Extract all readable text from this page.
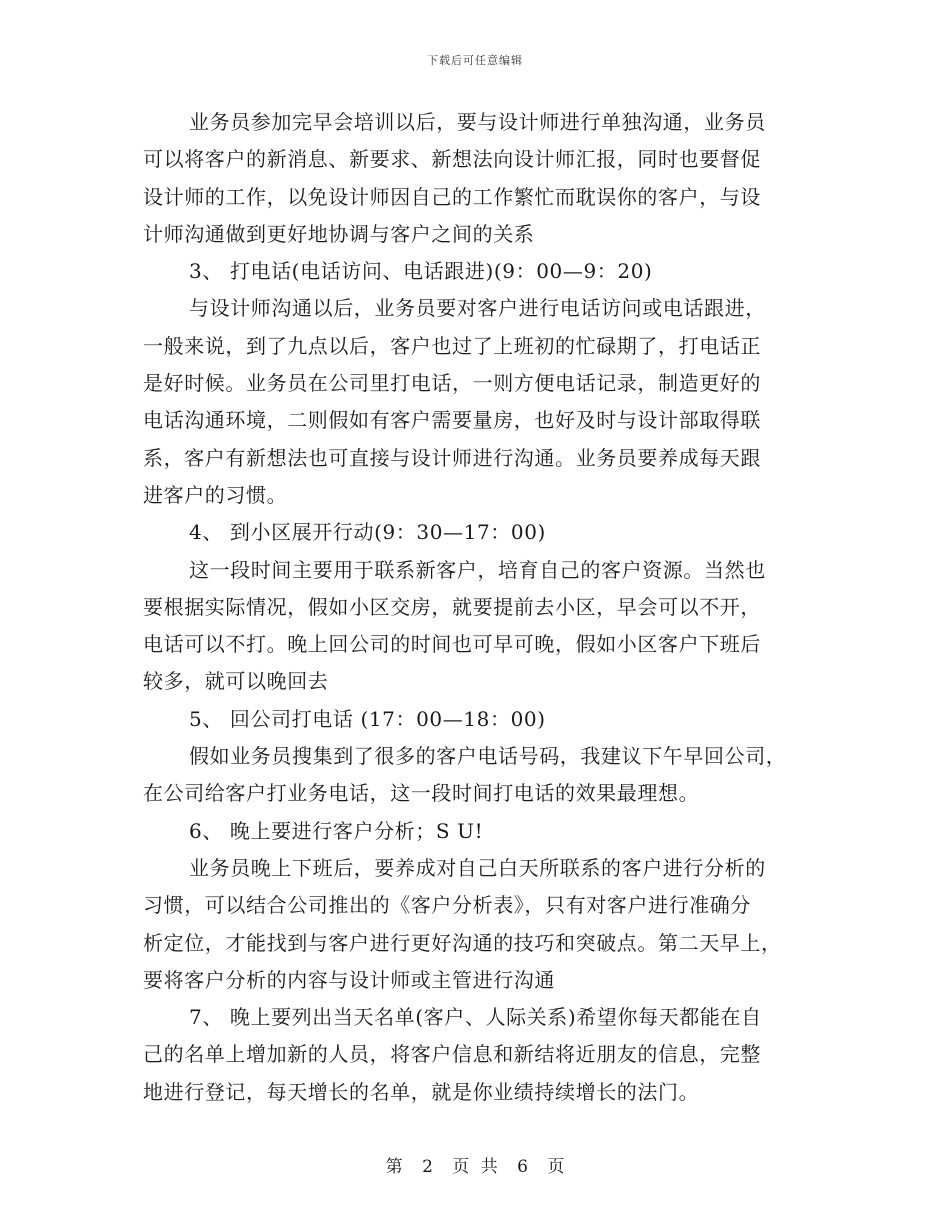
下载后可任意编辑
业务员参加完早会培训以后，要与设计师进行单独沟通，业务员
可以将客户的新消息、新要求、新想法向设计师汇报，同时也要督促
设计师的工作，以免设计师因自己的工作繁忙而耽误你的客户，与设
计师沟通做到更好地协调与客户之间的关系
3、 打电话(电话访问、电话跟进)(9：00—9：20)
与设计师沟通以后，业务员要对客户进行电话访问或电话跟进，
一般来说，到了九点以后，客户也过了上班初的忙碌期了，打电话正
是好时候。业务员在公司里打电话，一则方便电话记录，制造更好的
电话沟通环境，二则假如有客户需要量房，也好及时与设计部取得联
系，客户有新想法也可直接与设计师进行沟通。业务员要养成每天跟
进客户的习惯。
4、 到小区展开行动(9：30—17：00)
这一段时间主要用于联系新客户，培育自己的客户资源。当然也
要根据实际情况，假如小区交房，就要提前去小区，早会可以不开，
电话可以不打。晚上回公司的时间也可早可晚，假如小区客户下班后
较多，就可以晚回去
5、 回公司打电话 (17：00—18：00)
假如业务员搜集到了很多的客户电话号码，我建议下午早回公司，
在公司给客户打业务电话，这一段时间打电话的效果最理想。
6、 晚上要进行客户分析；S U!
业务员晚上下班后，要养成对自己白天所联系的客户进行分析的
习惯，可以结合公司推出的《客户分析表》，只有对客户进行准确分
析定位，才能找到与客户进行更好沟通的技巧和突破点。第二天早上，
要将客户分析的内容与设计师或主管进行沟通
7、 晚上要列出当天名单(客户、人际关系)希望你每天都能在自
己的名单上增加新的人员，将客户信息和新结将近朋友的信息，完整
地进行登记，每天增长的名单，就是你业绩持续增长的法门。
第 2 页 共 6 页
